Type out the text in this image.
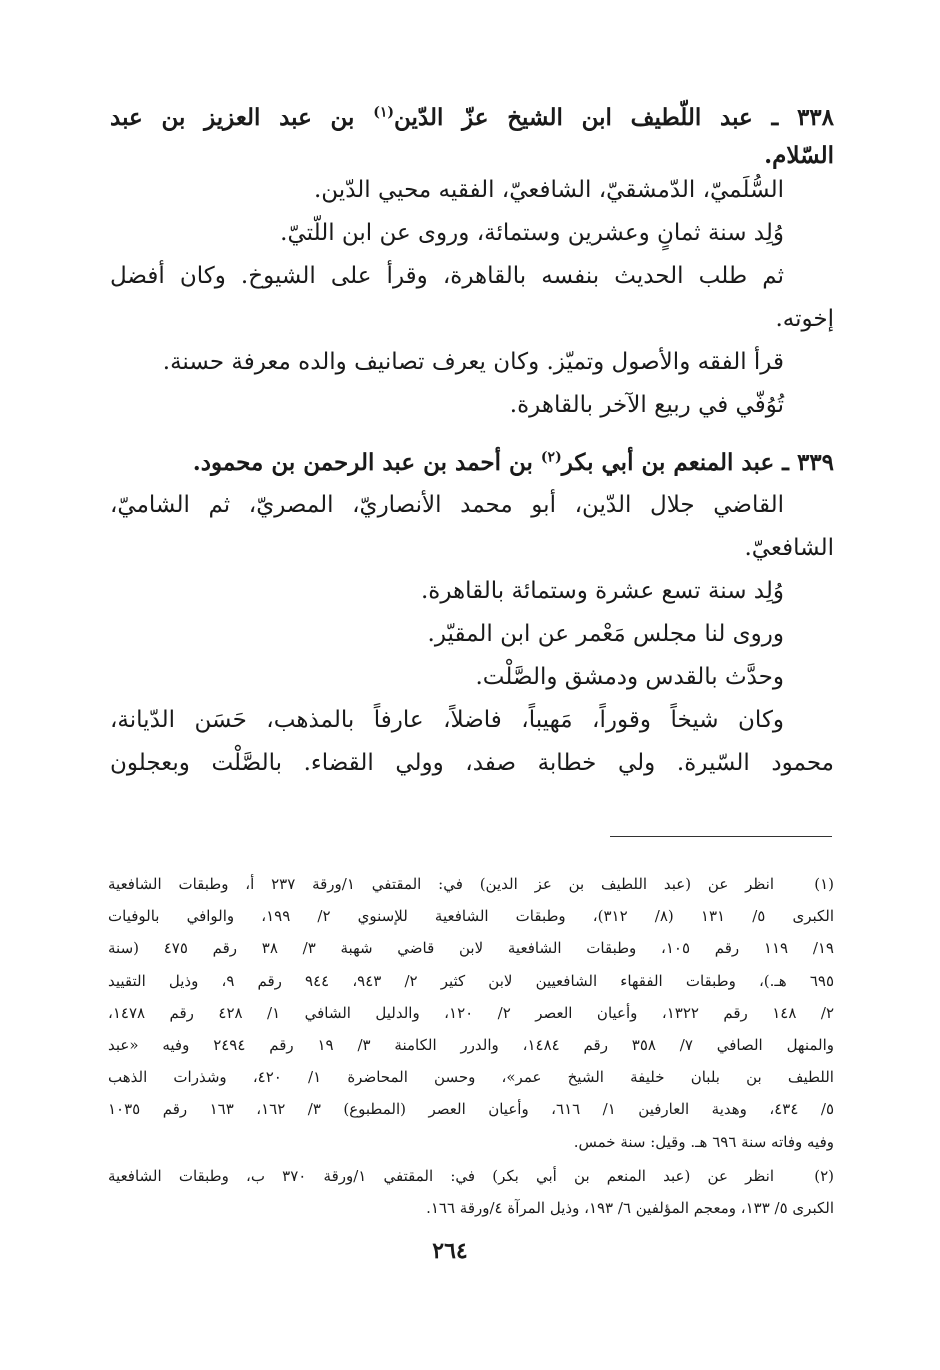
٣٣٨ ـ عبد اللّطيف ابن الشيخ عزّ الدّين$^{(١)}$ بن عبد العزيز بن عبد
السّلام.
السُّلَميّ، الدّمشقيّ، الشافعيّ، الفقيه محيي الدّين.
وُلِد سنة ثمانٍ وعشرين وستمائة، وروى عن ابن اللّتيّ.
ثم طلب الحديث بنفسه بالقاهرة، وقرأ على الشيوخ. وكان أفضل
إخوته.
قرأ الفقه والأصول وتميّز. وكان يعرف تصانيف والده معرفة حسنة.
تُوُفّي في ربيع الآخر بالقاهرة.
٣٣٩ ـ عبد المنعم بن أبي بكر$^{(٢)}$ بن أحمد بن عبد الرحمن بن محمود.
القاضي جلال الدّين، أبو محمد الأنصاريّ، المصريّ، ثم الشاميّ،
الشافعيّ.
وُلِد سنة تسع عشرة وستمائة بالقاهرة.
وروى لنا مجلس مَعْمر عن ابن المقيّر.
وحدَّث بالقدس ودمشق والصَّلْت.
وكان شيخاً وقوراً، مَهيباً، فاضلاً، عارفاً بالمذهب، حَسَن الدّيانة،
محمود السّيرة. ولي خطابة صفد، وولي القضاء. بالصَّلْت وبعجلون
(١)
انظر عن (عبد اللطيف بن عز الدين) في: المقتفي ١/ورقة ٢٣٧ أ، وطبقات الشافعية
الكبرى ٥/ ١٣١ (٨/ ٣١٢)، وطبقات الشافعية للإسنوي ٢/ ١٩٩، والوافي بالوفيات
١٩/ ١١٩ رقم ١٠٥، وطبقات الشافعية لابن قاضي شهبة ٣/ ٣٨ رقم ٤٧٥ (سنة
٦٩٥ هـ.)، وطبقات الفقهاء الشافعيين لابن كثير ٢/ ٩٤٣، ٩٤٤ رقم ٩، وذيل التقييد
٢/ ١٤٨ رقم ١٣٢٢، وأعيان العصر ٢/ ١٢٠، والدليل الشافي ١/ ٤٢٨ رقم ١٤٧٨،
والمنهل الصافي ٧/ ٣٥٨ رقم ١٤٨٤، والدرر الكامنة ٣/ ١٩ رقم ٢٤٩٤ وفيه «عبد
اللطيف بن بلبان خليفة الشيخ عمر»، وحسن المحاضرة ١/ ٤٢٠، وشذرات الذهب
٥/ ٤٣٤، وهدية العارفين ١/ ٦١٦، وأعيان العصر (المطبوع) ٣/ ١٦٢، ١٦٣ رقم ١٠٣٥
وفيه وفاته سنة ٦٩٦ هـ. وقيل: سنة خمس.
(٢)
انظر عن (عبد المنعم بن أبي بكر) في: المقتفي ١/ورقة ٣٧٠ ب، وطبقات الشافعية
الكبرى ٥/ ١٣٣، ومعجم المؤلفين ٦/ ١٩٣، وذيل المرآة ٤/ورقة ١٦٦.
٢٦٤
